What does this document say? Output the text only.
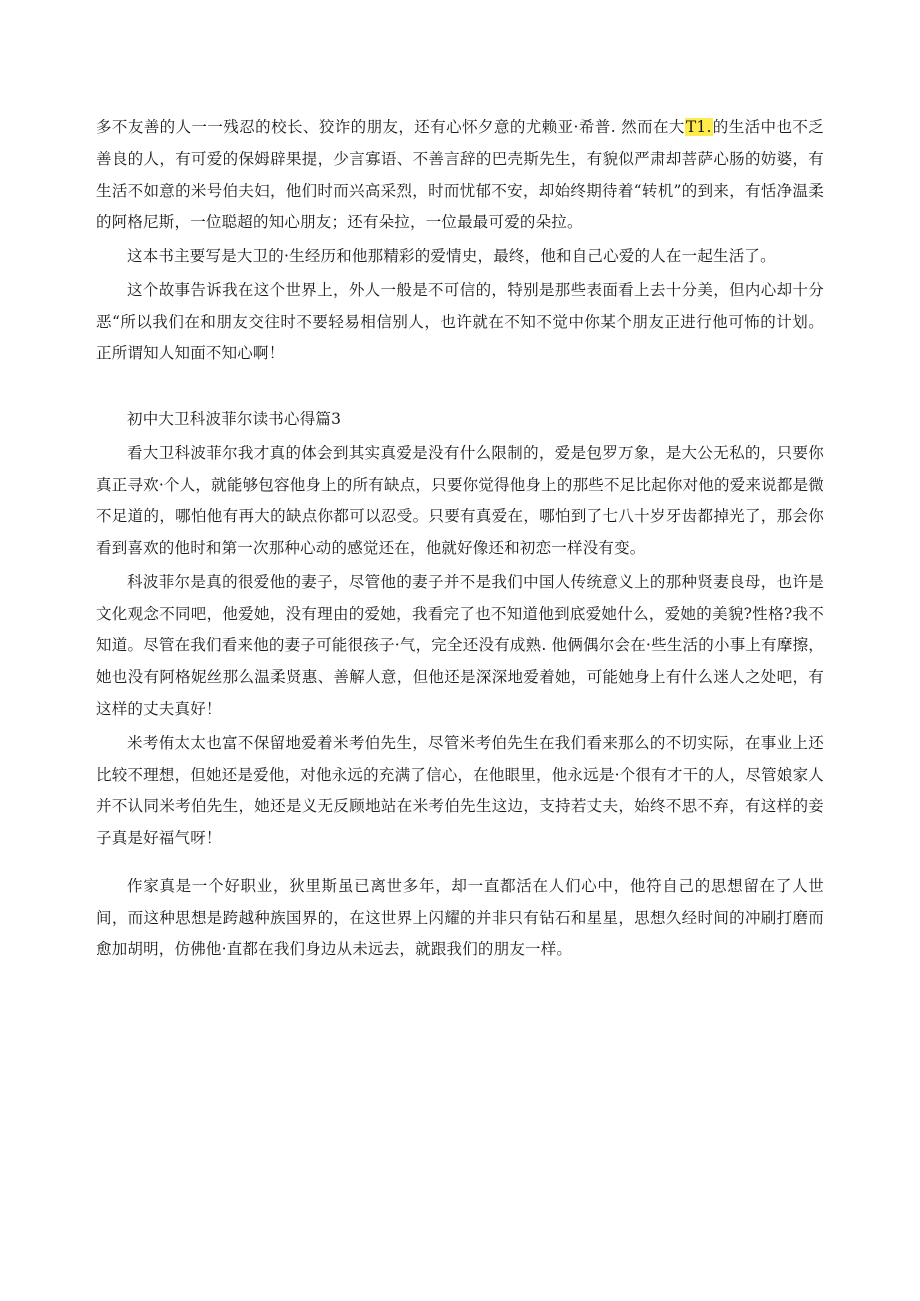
多不友善的人一一残忍的校长、狡诈的朋友，还有心怀夕意的尤赖亚·希普. 然而在大T1.的生活中也不乏善良的人，有可爱的保姆辟果提，少言寡语、不善言辞的巴壳斯先生，有貌似严肃却菩萨心肠的妨婆，有生活不如意的米号伯夫妇，他们时而兴高采烈，时而忧郁不安，却始终期待着“转机”的到来，有恬净温柔的阿格尼斯，一位聪超的知心朋友；还有朵拉，一位最最可爱的朵拉。

这本书主要写是大卫的·生经历和他那精彩的爱情史，最终，他和自己心爱的人在一起生活了。

这个故事告诉我在这个世界上，外人一般是不可信的，特别是那些表面看上去十分美，但内心却十分恶“所以我们在和朋友交往时不要轻易相信别人，也许就在不知不觉中你某个朋友正进行他可怖的计划。正所谓知人知面不知心啊！

初中大卫科波菲尔读书心得篇3

看大卫科波菲尔我才真的体会到其实真爱是没有什么限制的，爱是包罗万象，是大公无私的，只要你真正寻欢·个人，就能够包容他身上的所有缺点，只要你觉得他身上的那些不足比起你对他的爱来说都是微不足道的，哪怕他有再大的缺点你都可以忍受。只要有真爱在，哪怕到了七八十岁牙齿都掉光了，那会你看到喜欢的他时和第一次那种心动的感觉还在，他就好像还和初恋一样没有变。

科波菲尔是真的很爱他的妻子，尽管他的妻子并不是我们中国人传统意义上的那种贤妻良母，也许是文化观念不同吧，他爱她，没有理由的爱她，我看完了也不知道他到底爱她什么，爱她的美貌?性格?我不知道。尽管在我们看来他的妻子可能很孩子·气，完全还没有成熟. 他俩偶尔会在·些生活的小事上有摩擦，她也没有阿格妮丝那么温柔贤惠、善解人意，但他还是深深地爱着她，可能她身上有什么迷人之处吧，有这样的丈夫真好！

米考侑太太也富不保留地爱着米考伯先生，尽管米考伯先生在我们看来那么的不切实际，在事业上还比较不理想，但她还是爱他，对他永远的充满了信心，在他眼里，他永远是·个很有才干的人，尽管娘家人并不认同米考伯先生，她还是义无反顾地站在米考伯先生这边，支持若丈夫，始终不思不弃，有这样的妾子真是好福气呀！

作家真是一个好职业，狄里斯虽已离世多年，却一直都活在人们心中，他符自己的思想留在了人世间，而这种思想是跨越种族国界的，在这世界上闪耀的并非只有钻石和星星，思想久经时间的冲刷打磨而愈加胡明，仿佛他·直都在我们身边从未远去，就跟我们的朋友一样。
